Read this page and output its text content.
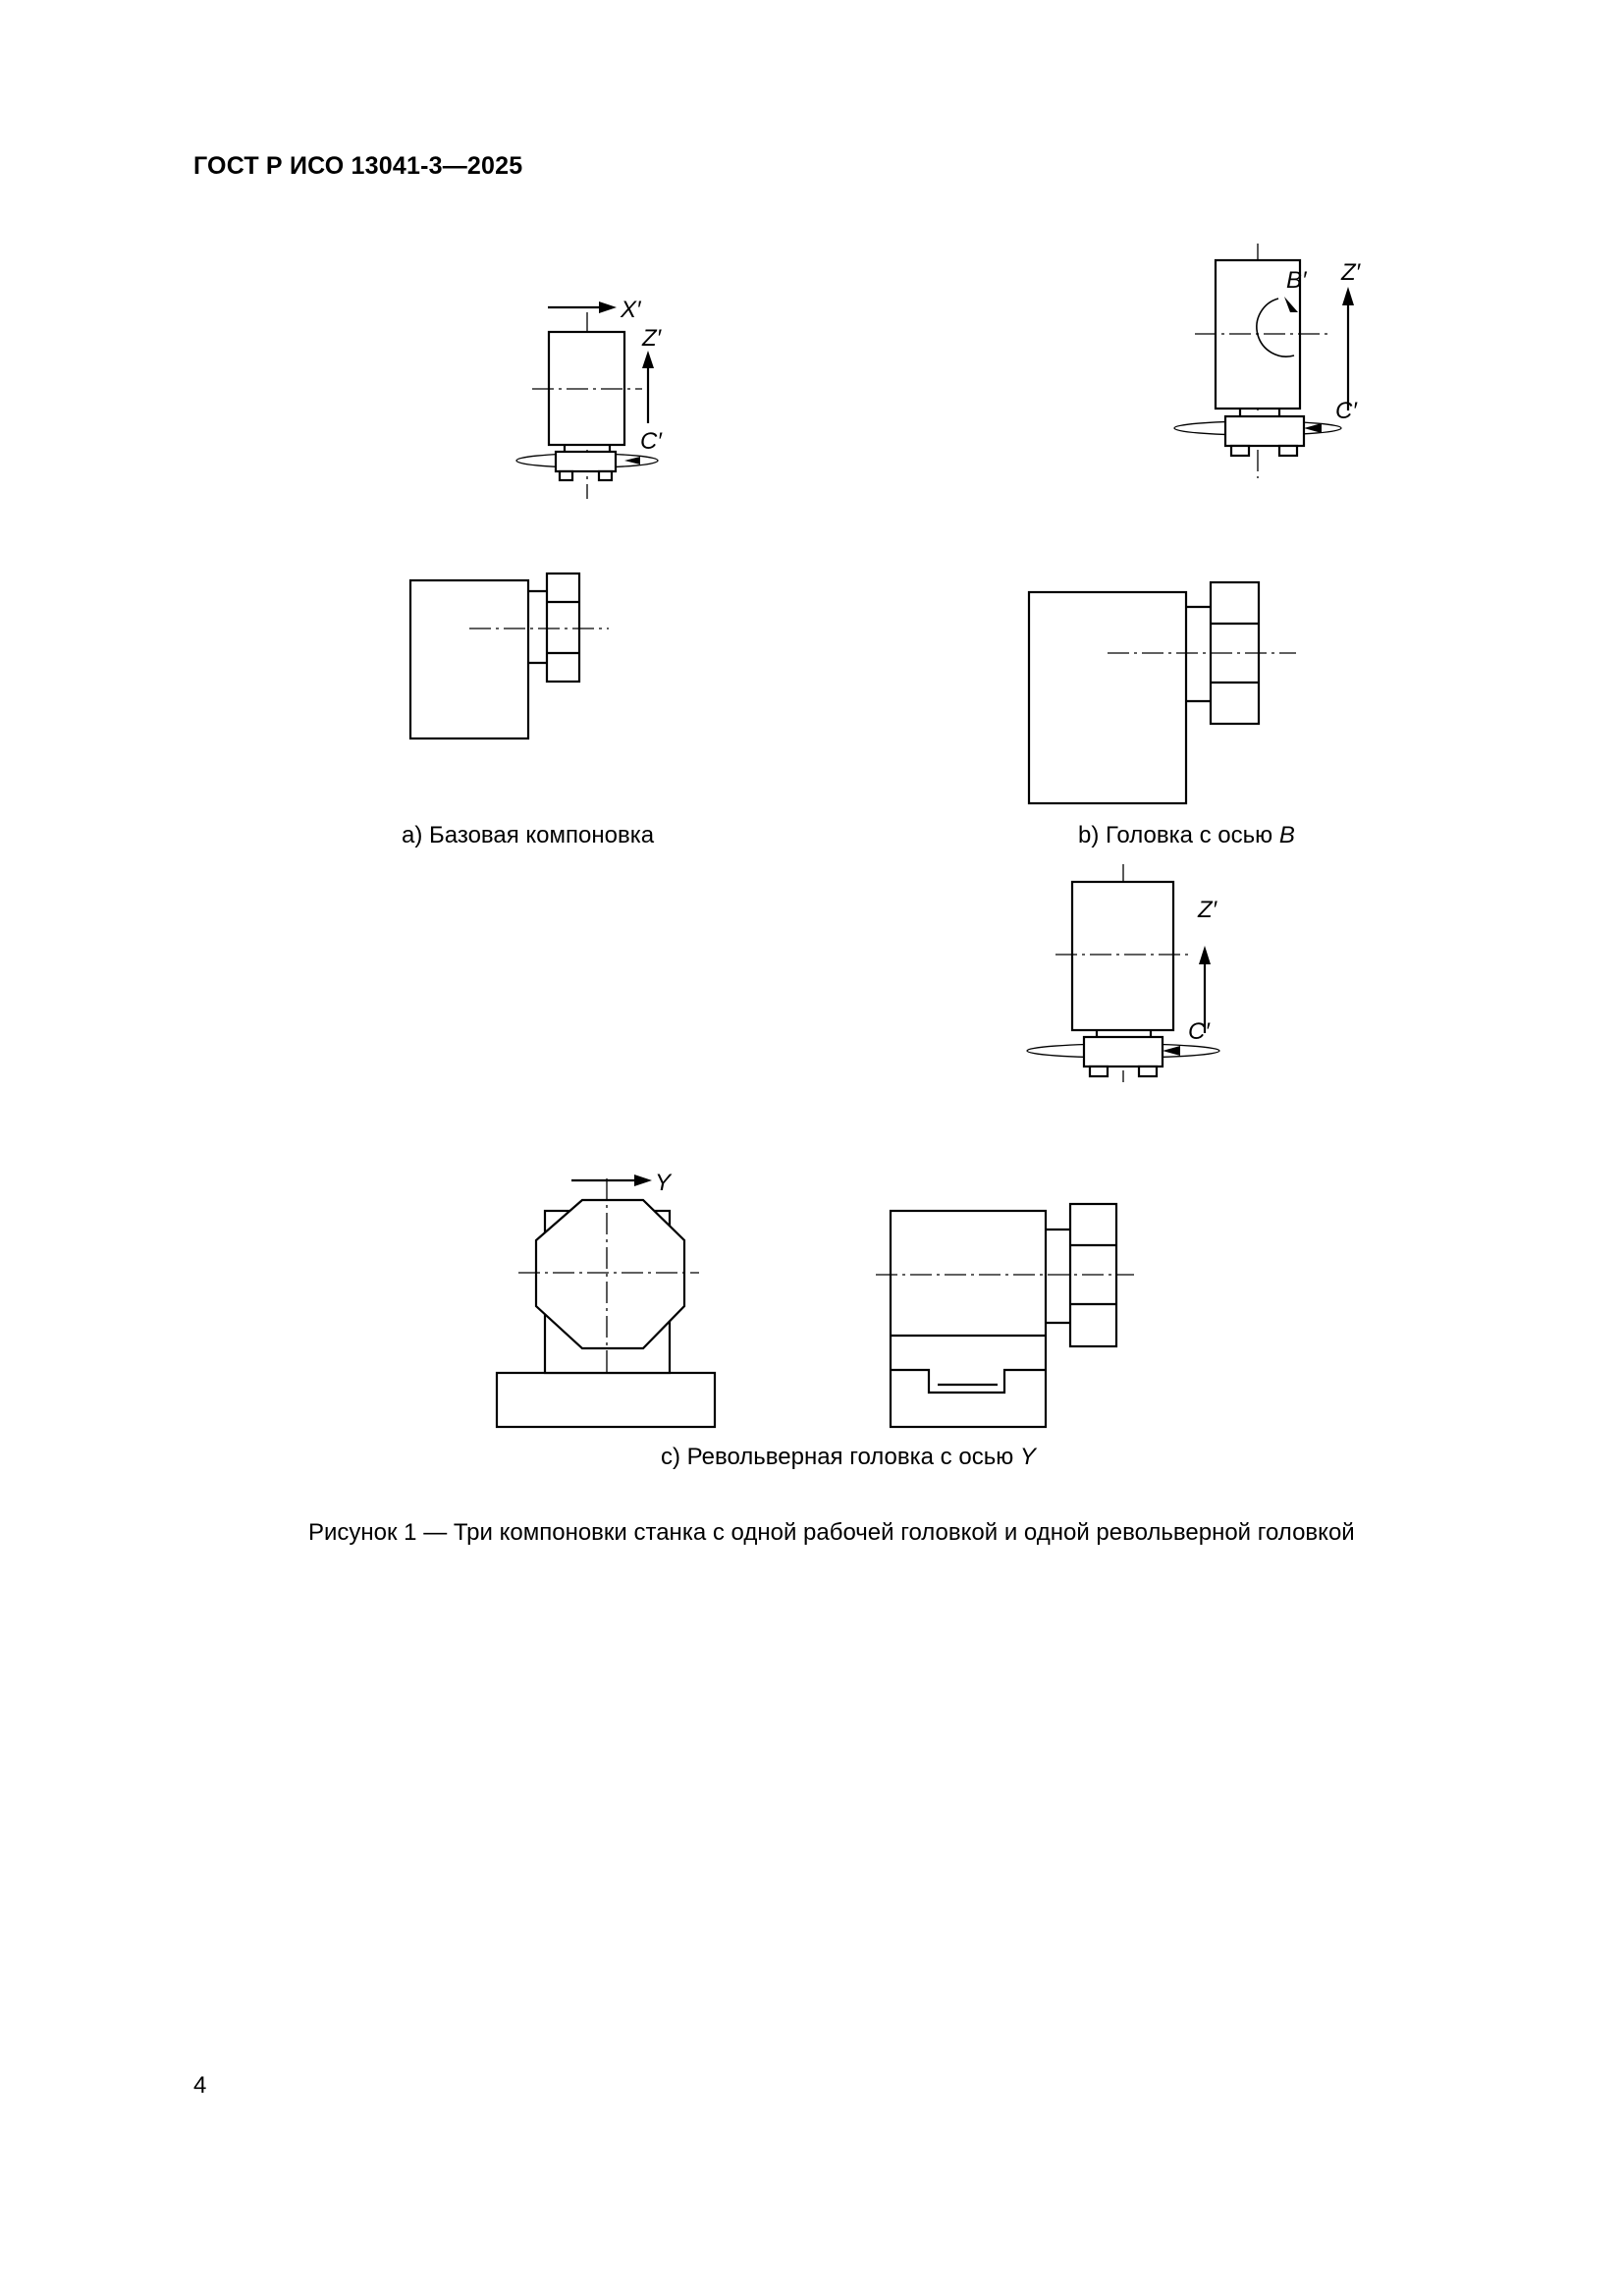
ГОСТ Р ИСО 13041-3—2025
X′
Z′
C′
а) Базовая компоновка
B′ Z′
C′
b) Головка с осью B
Z′
C′
Y
с) Револьверная головка с осью Y
Рисунок 1 — Три компоновки станка с одной рабочей головкой и одной револьверной головкой
4
